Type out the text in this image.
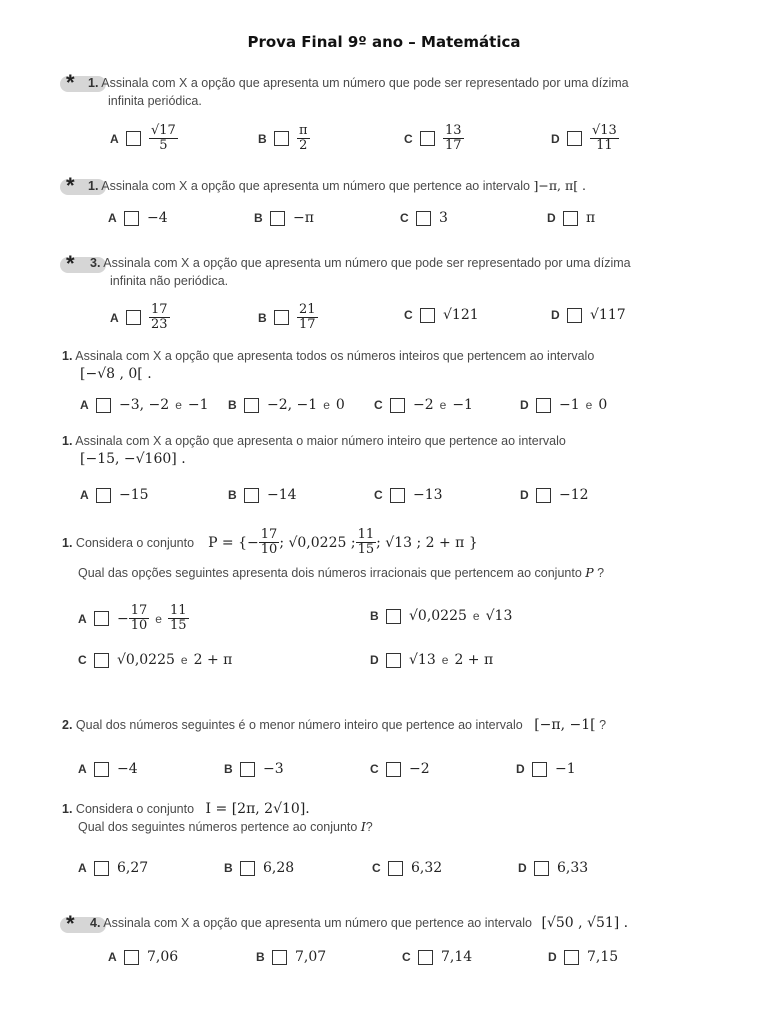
Prova Final 9º ano – Matemática
* 1. Assinala com X a opção que apresenta um número que pode ser representado por uma dízima
infinita periódica.
A $\frac{√17}{5}$	B $\frac{\pi}{2}$	C $\frac{13}{17}$	D $\frac{√13}{11}$
* 1. Assinala com X a opção que apresenta um número que pertence ao intervalo ]−π, π[ .
A −4	B −π	C 3	D π
* 3. Assinala com X a opção que apresenta um número que pode ser representado por uma dízima
infinita não periódica.
A $\frac{17}{23}$	B $\frac{21}{17}$	C √121	D √117
1. Assinala com X a opção que apresenta todos os números inteiros que pertencem ao intervalo
[−√8 , 0[ .
A −3, −2 e −1 B −2, −1 e 0 C −2 e −1	D −1 e 0
1. Assinala com X a opção que apresenta o maior número inteiro que pertence ao intervalo
[−15, −√160] .
A −15	B −14	C −13	D −12
1.
Considera o conjunto P = {− $\frac{17}{10}$ ; √0,0225 ; $\frac{11}{15}$ ; √13 ; 2 + π }
Qual das opções seguintes apresenta dois números irracionais que pertencem ao conjunto P ?
$A - \frac{17}{10}$ e $\frac{11}{15}$	B √0,0225 e √13
C √0,0225 e 2 + π	D √13 e 2 + π
2. Qual dos números seguintes é o menor número inteiro que pertence ao intervalo [−π, −1[ ?
A −4	B −3	C −2	D −1
1. Considera o conjunto I = [2π, 2√10].
Qual dos seguintes números pertence ao conjunto I?
A 6,27	B 6,28	C 6,32	D 6,33
* 4. Assinala com X a opção que apresenta um número que pertence ao intervalo [√50 , √51] .
A 7,06	B 7,07	C 7,14	D 7,15
